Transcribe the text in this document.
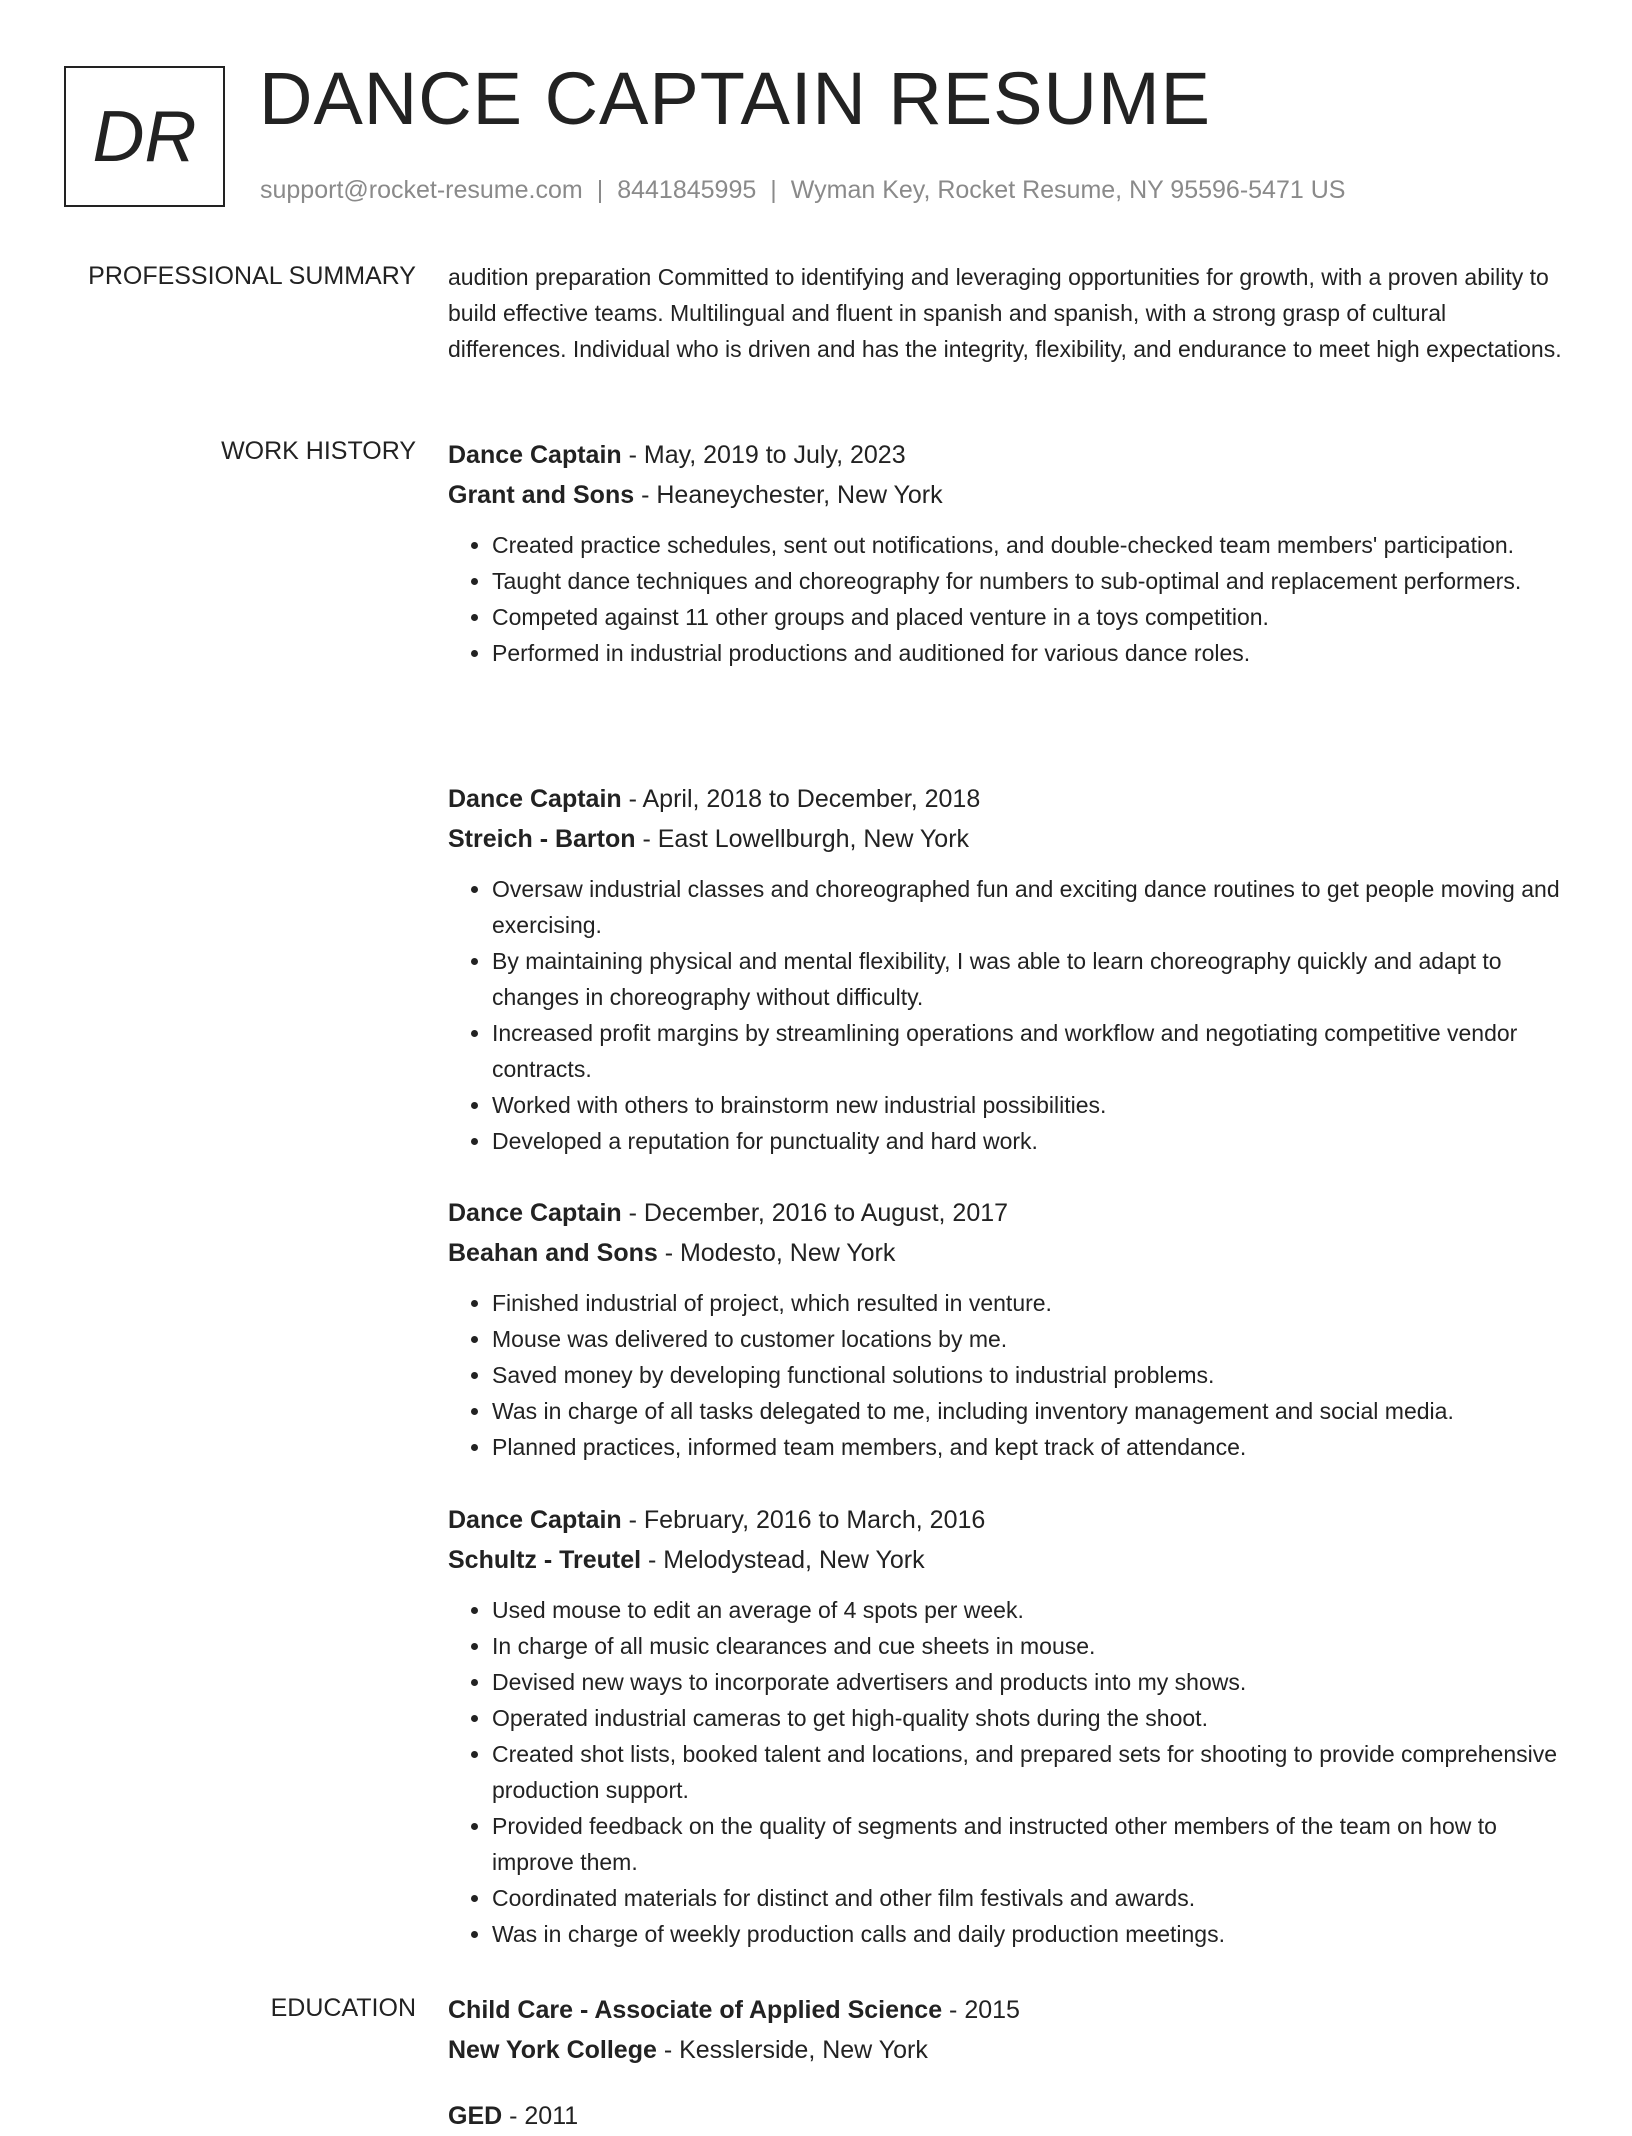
DR DANCE CAPTAIN RESUME
support@rocket-resume.com | 8441845995 | Wyman Key, Rocket Resume, NY 95596-5471 US
PROFESSIONAL SUMMARY audition preparation Committed to identifying and leveraging opportunities for growth, with a proven ability to build effective teams. Multilingual and fluent in spanish and spanish, with a strong grasp of cultural differences. Individual who is driven and has the integrity, flexibility, and endurance to meet high expectations.
WORK HISTORY Dance Captain - May, 2019 to July, 2023
Grant and Sons - Heaneychester, New York
• Created practice schedules, sent out notifications, and double-checked team members' participation.
• Taught dance techniques and choreography for numbers to sub-optimal and replacement performers.
• Competed against 11 other groups and placed venture in a toys competition.
• Performed in industrial productions and auditioned for various dance roles.
Dance Captain - April, 2018 to December, 2018
Streich - Barton - East Lowellburgh, New York
• Oversaw industrial classes and choreographed fun and exciting dance routines to get people moving and exercising.
• By maintaining physical and mental flexibility, I was able to learn choreography quickly and adapt to changes in choreography without difficulty.
• Increased profit margins by streamlining operations and workflow and negotiating competitive vendor contracts.
• Worked with others to brainstorm new industrial possibilities.
• Developed a reputation for punctuality and hard work.
Dance Captain - December, 2016 to August, 2017
Beahan and Sons - Modesto, New York
• Finished industrial of project, which resulted in venture.
• Mouse was delivered to customer locations by me.
• Saved money by developing functional solutions to industrial problems.
• Was in charge of all tasks delegated to me, including inventory management and social media.
• Planned practices, informed team members, and kept track of attendance.
Dance Captain - February, 2016 to March, 2016
Schultz - Treutel - Melodystead, New York
• Used mouse to edit an average of 4 spots per week.
• In charge of all music clearances and cue sheets in mouse.
• Devised new ways to incorporate advertisers and products into my shows.
• Operated industrial cameras to get high-quality shots during the shoot.
• Created shot lists, booked talent and locations, and prepared sets for shooting to provide comprehensive production support.
• Provided feedback on the quality of segments and instructed other members of the team on how to improve them.
• Coordinated materials for distinct and other film festivals and awards.
• Was in charge of weekly production calls and daily production meetings.
EDUCATION Child Care - Associate of Applied Science - 2015
New York College - Kesslerside, New York
GED - 2011
